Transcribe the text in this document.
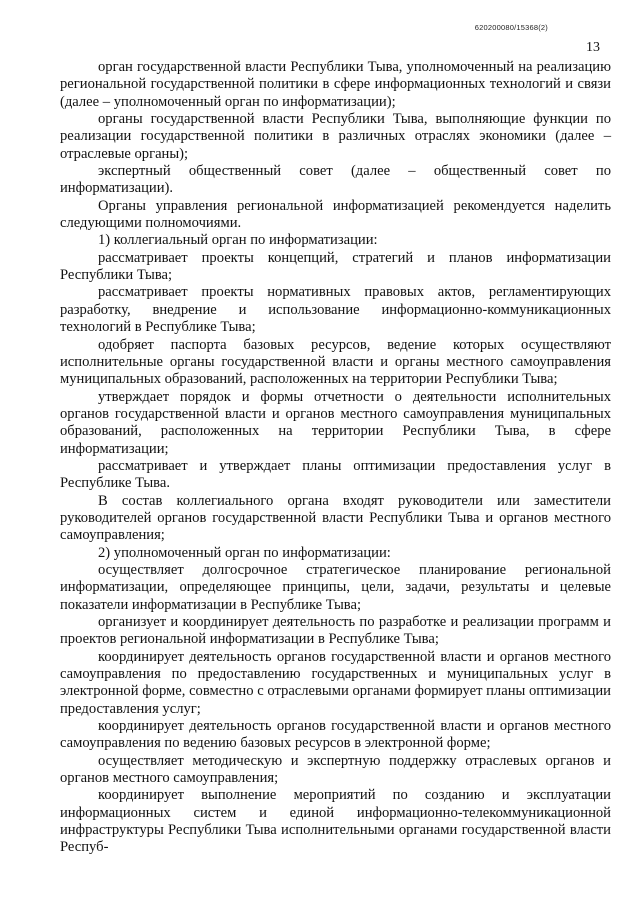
620200080/15368(2)
13

орган государственной власти Республики Тыва, уполномоченный на реализацию региональной государственной политики в сфере информационных технологий и связи (далее – уполномоченный орган по информатизации);

органы государственной власти Республики Тыва, выполняющие функции по реализации государственной политики в различных отраслях экономики (далее – отраслевые органы);

экспертный общественный совет (далее – общественный совет по информатизации).

Органы управления региональной информатизацией рекомендуется наделить следующими полномочиями.

1) коллегиальный орган по информатизации:

рассматривает проекты концепций, стратегий и планов информатизации Республики Тыва;

рассматривает проекты нормативных правовых актов, регламентирующих разработку, внедрение и использование информационно-коммуникационных технологий в Республике Тыва;

одобряет паспорта базовых ресурсов, ведение которых осуществляют исполнительные органы государственной власти и органы местного самоуправления муниципальных образований, расположенных на территории Республики Тыва;

утверждает порядок и формы отчетности о деятельности исполнительных органов государственной власти и органов местного самоуправления муниципальных образований, расположенных на территории Республики Тыва, в сфере информатизации;

рассматривает и утверждает планы оптимизации предоставления услуг в Республике Тыва.

В состав коллегиального органа входят руководители или заместители руководителей органов государственной власти Республики Тыва и органов местного самоуправления;

2) уполномоченный орган по информатизации:

осуществляет долгосрочное стратегическое планирование региональной информатизации, определяющее принципы, цели, задачи, результаты и целевые показатели информатизации в Республике Тыва;

организует и координирует деятельность по разработке и реализации программ и проектов региональной информатизации в Республике Тыва;

координирует деятельность органов государственной власти и органов местного самоуправления по предоставлению государственных и муниципальных услуг в электронной форме, совместно с отраслевыми органами формирует планы оптимизации предоставления услуг;

координирует деятельность органов государственной власти и органов местного самоуправления по ведению базовых ресурсов в электронной форме;

осуществляет методическую и экспертную поддержку отраслевых органов и органов местного самоуправления;

координирует выполнение мероприятий по созданию и эксплуатации информационных систем и единой информационно-телекоммуникационной инфраструктуры Республики Тыва исполнительными органами государственной власти Респуб-
